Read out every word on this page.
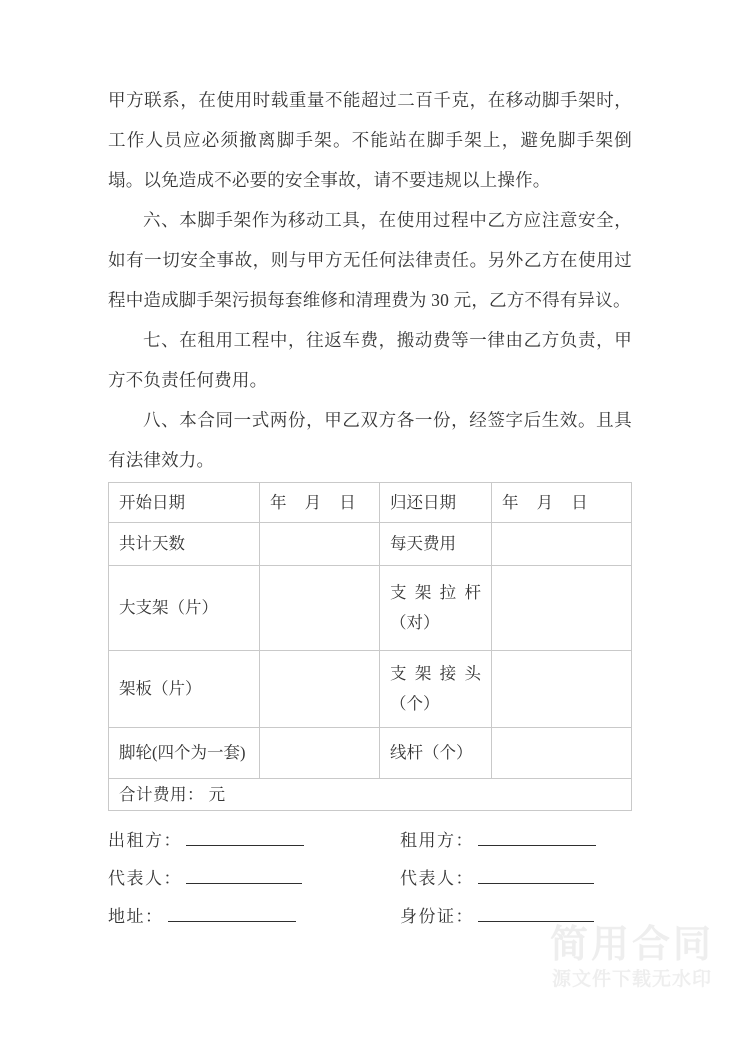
甲方联系，在使用时载重量不能超过二百千克，在移动脚手架时，工作人员应必须撤离脚手架。不能站在脚手架上，避免脚手架倒塌。以免造成不必要的安全事故，请不要违规以上操作。

六、本脚手架作为移动工具，在使用过程中乙方应注意安全，如有一切安全事故，则与甲方无任何法律责任。另外乙方在使用过程中造成脚手架污损每套维修和清理费为 30 元，乙方不得有异议。

七、在租用工程中，往返车费，搬动费等一律由乙方负责，甲方不负责任何费用。

八、本合同一式两份，甲乙双方各一份，经签字后生效。且具有法律效力。

开始日期	年 月 日	归还日期	年 月 日
共计天数		每天费用	
大支架（片）		支架拉杆
（对）	

架板（片）		支架接头
（个）	

脚轮(四个为一套)		线杆（个）	
合计费用： 元			
出租方：	租用方：
代表人：	代表人：
地址：	身份证：
简用合同
源文件下载无水印
